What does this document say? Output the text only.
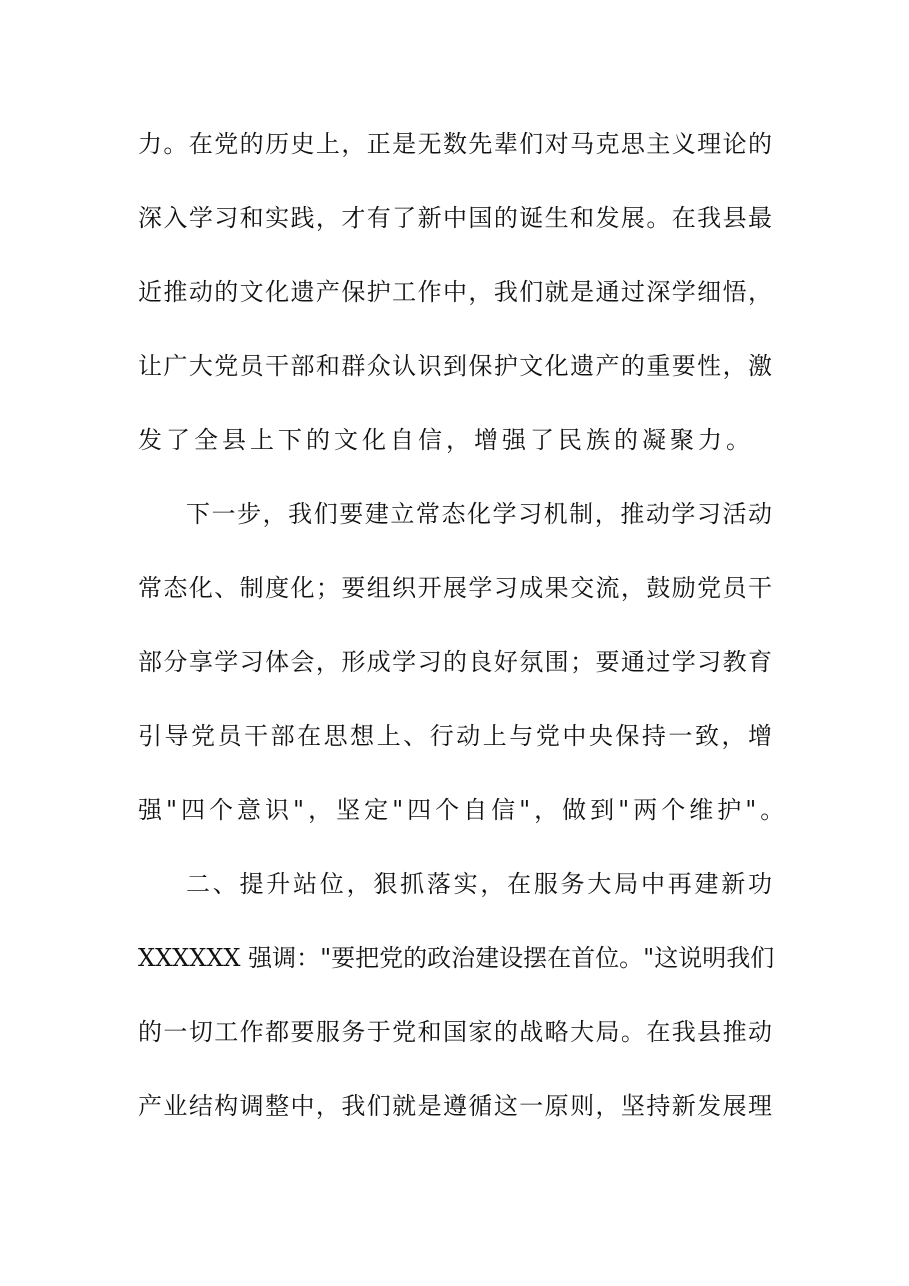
力。在党的历史上，正是无数先辈们对马克思主义理论的
深入学习和实践，才有了新中国的诞生和发展。在我县最
近推动的文化遗产保护工作中，我们就是通过深学细悟，
让广大党员干部和群众认识到保护文化遗产的重要性，激
发了全县上下的文化自信，增强了民族的凝聚力。
下一步，我们要建立常态化学习机制，推动学习活动
常态化、制度化；要组织开展学习成果交流，鼓励党员干
部分享学习体会，形成学习的良好氛围；要通过学习教育
引导党员干部在思想上、行动上与党中央保持一致，增
强"四个意识"，坚定"四个自信"，做到"两个维护"。
二、提升站位，狠抓落实，在服务大局中再建新功
XXXXXX 强调："要把党的政治建设摆在首位。"这说明我们
的一切工作都要服务于党和国家的战略大局。在我县推动
产业结构调整中，我们就是遵循这一原则，坚持新发展理
